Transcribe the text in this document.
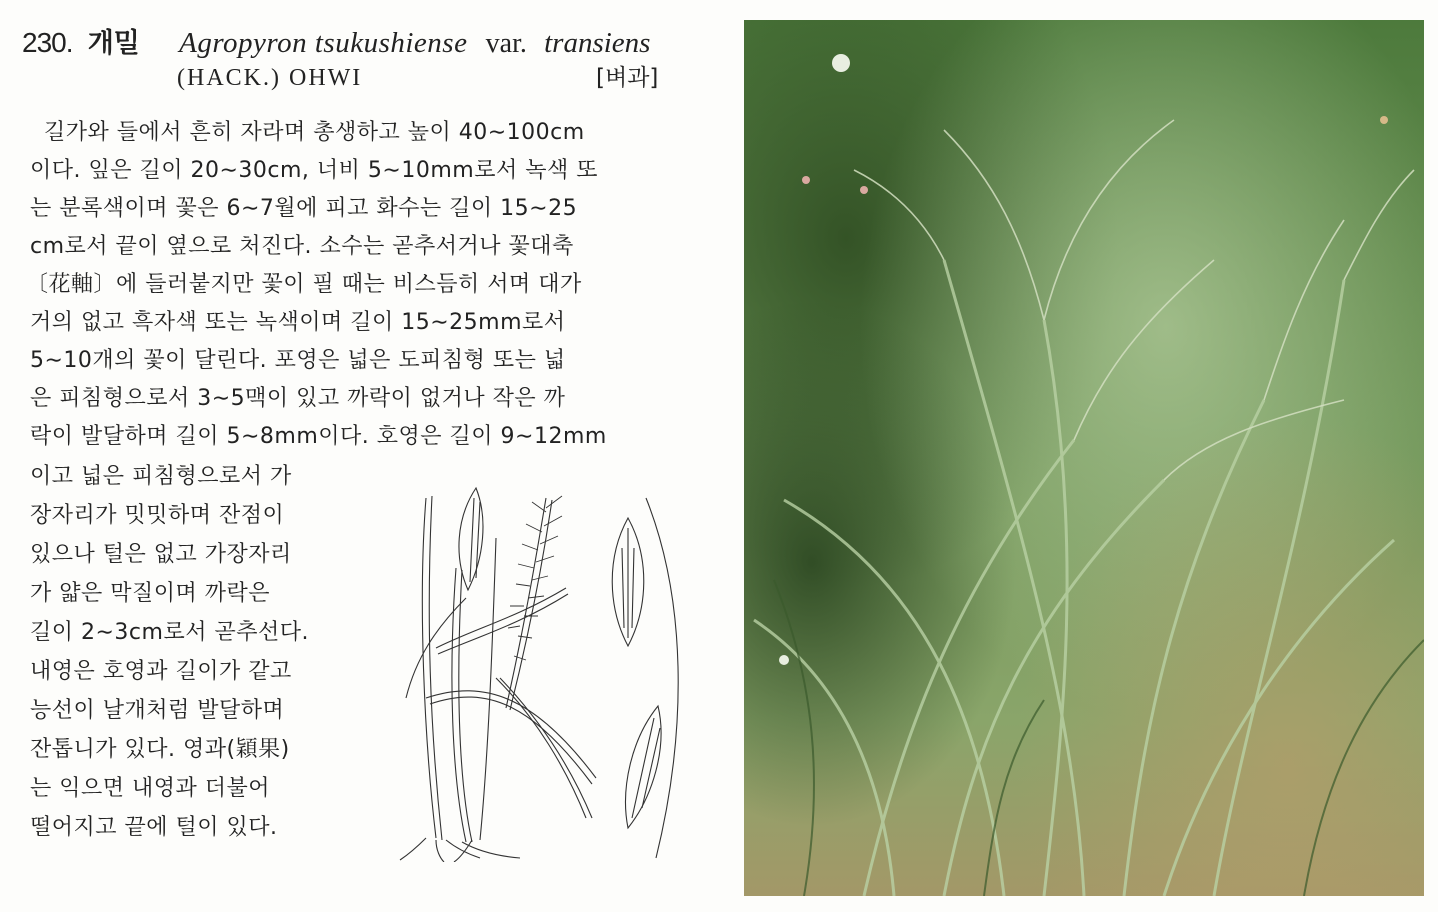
230. 개밀 Agropyron tsukushiense var. transiens
(HACK.) OHWI	[벼과]
길가와 들에서 흔히 자라며 총생하고 높이 40∼100cm
이다. 잎은 길이 20∼30cm, 너비 5∼10mm로서 녹색 또
는 분록색이며 꽃은 6∼7월에 피고 화수는 길이 15∼25
cm로서 끝이 옆으로 처진다. 소수는 곧추서거나 꽃대축
〔花軸〕에 들러붙지만 꽃이 필 때는 비스듬히 서며 대가
거의 없고 흑자색 또는 녹색이며 길이 15∼25mm로서
5∼10개의 꽃이 달린다. 포영은 넓은 도피침형 또는 넓
은 피침형으로서 3∼5맥이 있고 까락이 없거나 작은 까
락이 발달하며 길이 5∼8mm이다. 호영은 길이 9∼12mm
이고 넓은 피침형으로서 가
장자리가 밋밋하며 잔점이
있으나 털은 없고 가장자리
가 얇은 막질이며 까락은
길이 2∼3cm로서 곧추선다.
내영은 호영과 길이가 같고
능선이 날개처럼 발달하며
잔톱니가 있다. 영과(穎果)
는 익으면 내영과 더불어
떨어지고 끝에 털이 있다.
